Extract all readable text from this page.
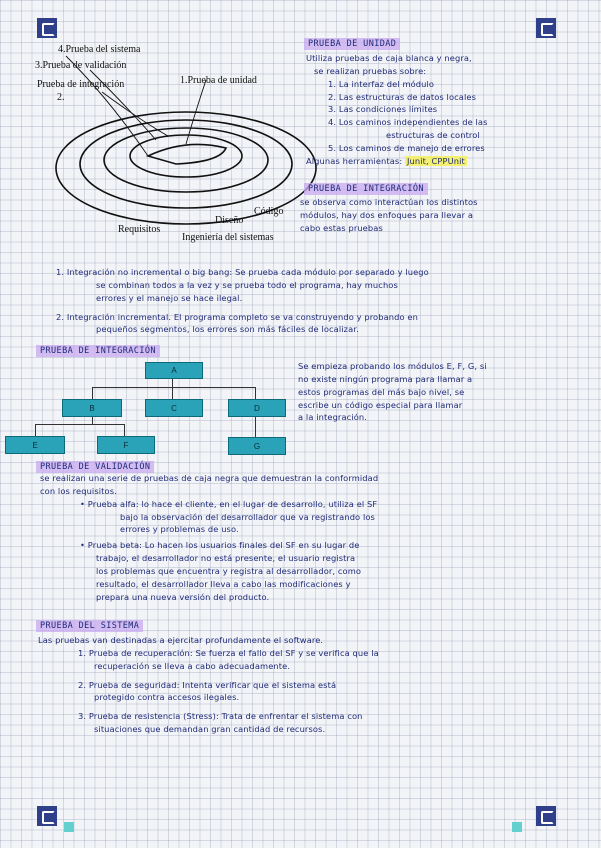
4.Prueba del sistema
3.Prueba de validación
Prueba de integración
2.
1.Prueba de unidad
Código
Diseño
Requisitos
Ingeniería del sistemas
PRUEBA DE UNIDAD
Utiliza pruebas de caja blanca y negra,
se realizan pruebas sobre:
1. La interfaz del módulo
2. Las estructuras de datos locales
3. Las condiciones límites
4. Los caminos independientes de las
estructuras de control
5. Los caminos de manejo de errores
Algunas herramientas: Junit, CPPUnit
PRUEBA DE INTEGRACIÓN
se observa como interactúan los distintos
módulos, hay dos enfoques para llevar a
cabo estas pruebas
1. Integración no incremental o big bang: Se prueba cada módulo por separado y luego
se combinan todos a la vez y se prueba todo el programa, hay muchos
errores y el manejo se hace ilegal.
2. Integración incremental. El programa completo se va construyendo y probando en
pequeños segmentos, los errores son más fáciles de localizar.
PRUEBA DE INTEGRACIÓN
A
B	C	D
E	F	G
Se empieza probando los módulos E, F, G, si
no existe ningún programa para llamar a
estos programas del más bajo nivel, se
escribe un código especial para llamar
a la integración.
PRUEBA DE VALIDACIÓN
se realizan una serie de pruebas de caja negra que demuestran la conformidad
con los requisitos.
• Prueba alfa: lo hace el cliente, en el lugar de desarrollo, utiliza el SF
bajo la observación del desarrollador que va registrando los
errores y problemas de uso.
• Prueba beta: Lo hacen los usuarios finales del SF en su lugar de
trabajo, el desarrollador no está presente, el usuario registra
los problemas que encuentra y registra al desarrollador, como
resultado, el desarrollador lleva a cabo las modificaciones y
prepara una nueva versión del producto.
PRUEBA DEL SISTEMA
Las pruebas van destinadas a ejercitar profundamente el software.
1. Prueba de recuperación: Se fuerza el fallo del SF y se verifica que la
recuperación se lleva a cabo adecuadamente.
2. Prueba de seguridad: Intenta verificar que el sistema está
protegido contra accesos ilegales.
3. Prueba de resistencia (Stress): Trata de enfrentar el sistema con
situaciones que demandan gran cantidad de recursos.
